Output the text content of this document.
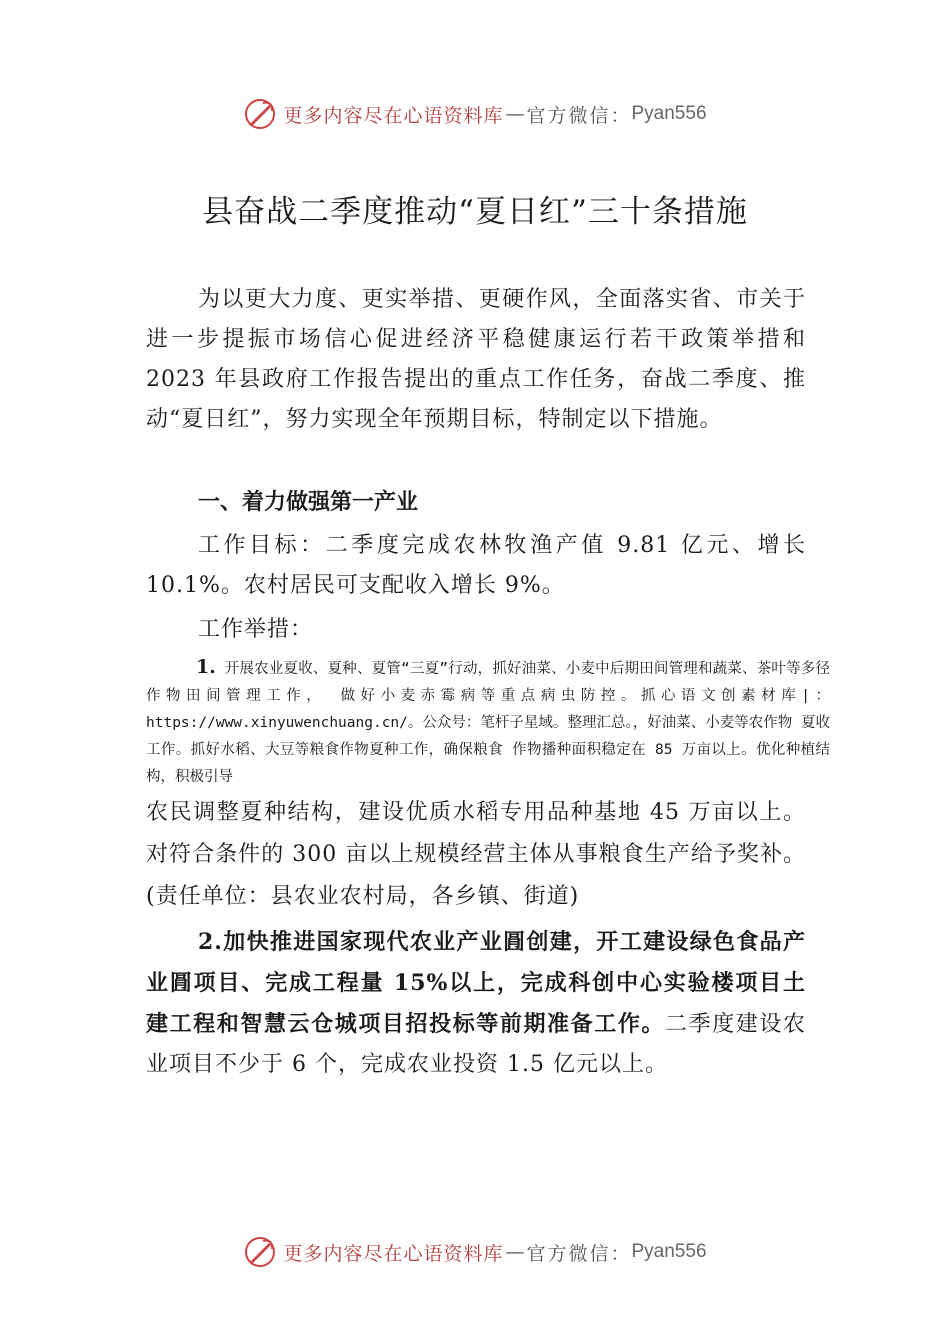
更多内容尽在心语资料库 — 官方微信： Pyan556
县奋战二季度推动“夏日红”三十条措施

为以更大力度、更实举措、更硬作风，全面落实省、市关于进一步提振市场信心促进经济平稳健康运行若干政策举措和 2023 年县政府工作报告提出的重点工作任务，奋战二季度、推动“夏日红”，努力实现全年预期目标，特制定以下措施。

一、着力做强第一产业

工作目标：二季度完成农林牧渔产值 9.81 亿元、增长 10.1%。农村居民可支配收入增长 9%。

工作举措：

1. 开展农业夏收、夏种、夏管“三夏”行动，抓好油菜、小麦中后期田间管理和蔬菜、茶叶等多径作物田间管理工作， 做好小麦赤霉病等重点病虫防控。抓心语文创素材库|：https://www.xinyuwenchuang.cn/。公众号：笔杆子星域。整理汇总。，好油菜、小麦等农作物 夏收工作。抓好水稻、大豆等粮食作物夏种工作，确保粮食 作物播种面积稳定在 85 万亩以上。优化种植结构，积极引导

农民调整夏种结构，建设优质水稻专用品种基地 45 万亩以上。对符合条件的 300 亩以上规模经营主体从事粮食生产给予奖补。(责任单位：县农业农村局，各乡镇、街道)

2.加快推进国家现代农业产业㘣创建，开工建设绿色食品产业㘣项目、完成工程量 15%以上，完成科创中心实验楼项目土建工程和智慧云仓城项目招投标等前期准备工作。二季度建设农业项目不少于 6 个，完成农业投资 1.5 亿元以上。

更多内容尽在心语资料库 — 官方微信： Pyan556
